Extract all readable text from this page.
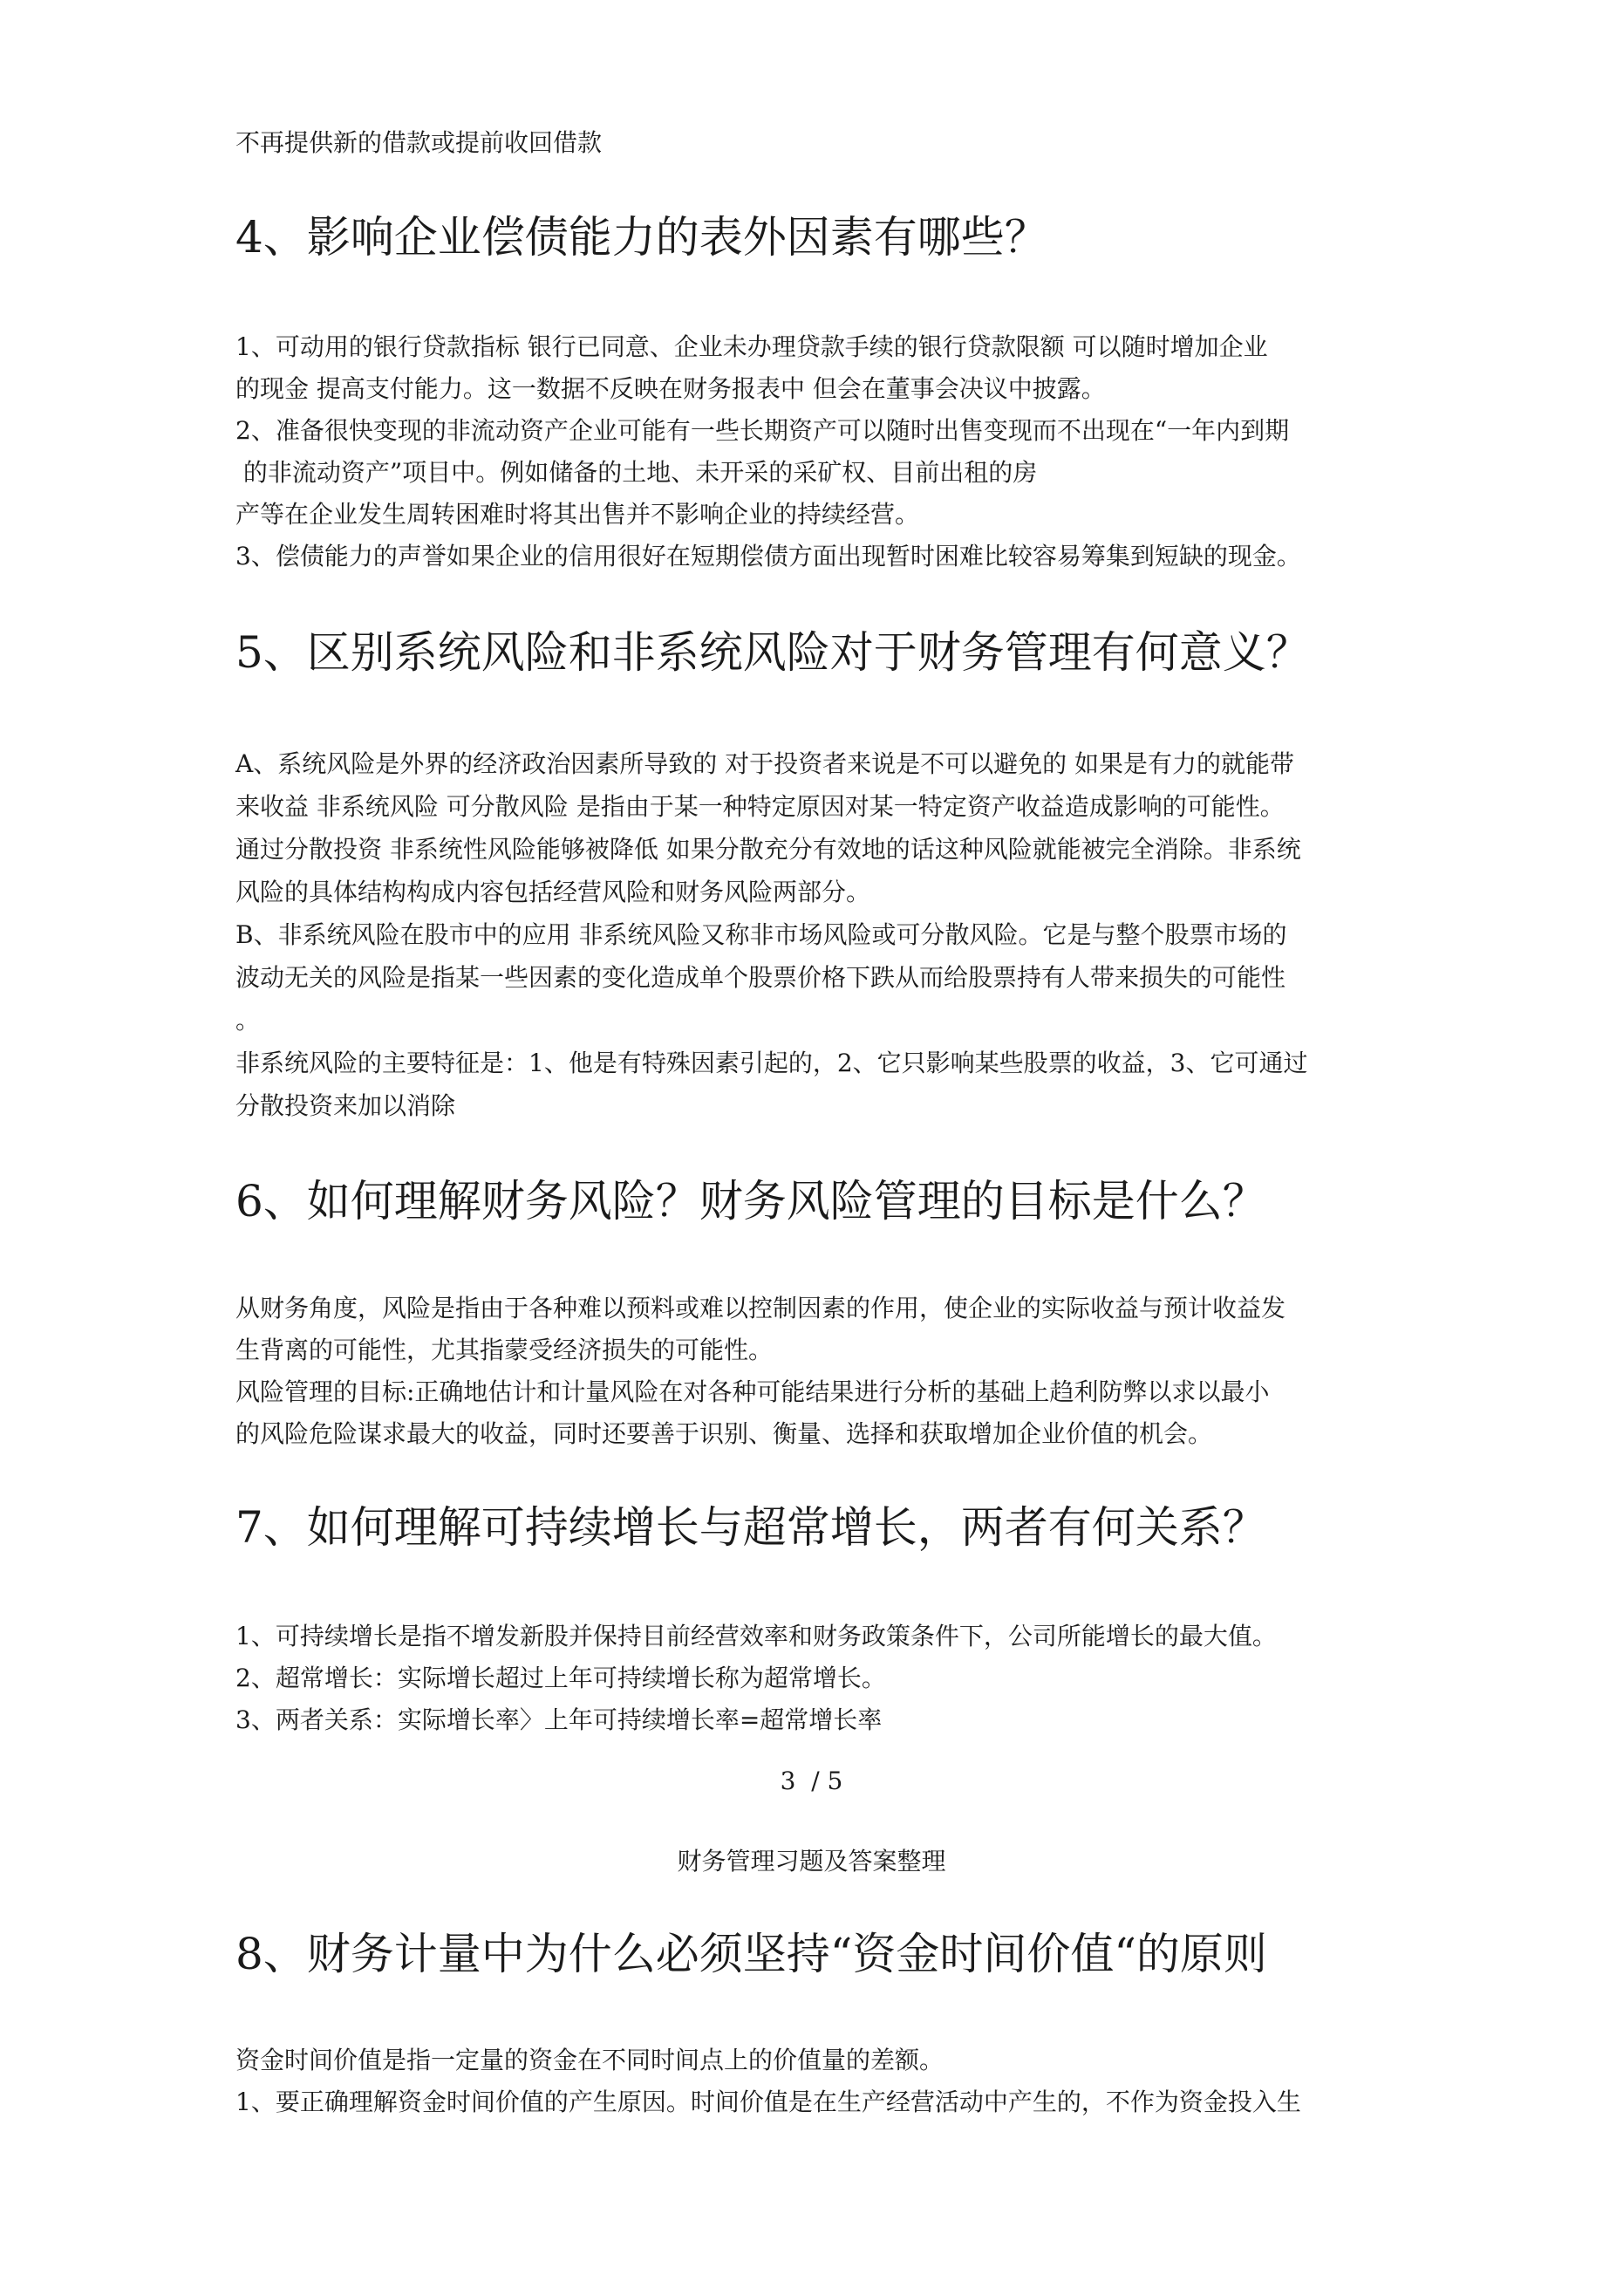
不再提供新的借款或提前收回借款
4、影响企业偿债能力的表外因素有哪些？
1、可动用的银行贷款指标 银行已同意、企业未办理贷款手续的银行贷款限额 可以随时增加企业
的现金 提高支付能力。这一数据不反映在财务报表中 但会在董事会决议中披露。
2、准备很快变现的非流动资产企业可能有一些长期资产可以随时出售变现而不出现在“一年内到期
的非流动资产”项目中。例如储备的土地、未开采的采矿权、目前出租的房
产等在企业发生周转困难时将其出售并不影响企业的持续经营。
3、偿债能力的声誉如果企业的信用很好在短期偿债方面出现暂时困难比较容易筹集到短缺的现金。
5、区别系统风险和非系统风险对于财务管理有何意义？
A、系统风险是外界的经济政治因素所导致的 对于投资者来说是不可以避免的 如果是有力的就能带
来收益 非系统风险 可分散风险 是指由于某一种特定原因对某一特定资产收益造成影响的可能性。
通过分散投资 非系统性风险能够被降低 如果分散充分有效地的话这种风险就能被完全消除。非系统
风险的具体结构构成内容包括经营风险和财务风险两部分。
B、非系统风险在股市中的应用 非系统风险又称非市场风险或可分散风险。它是与整个股票市场的
波动无关的风险是指某一些因素的变化造成单个股票价格下跌从而给股票持有人带来损失的可能性
。
非系统风险的主要特征是：1、他是有特殊因素引起的，2、它只影响某些股票的收益，3、它可通过
分散投资来加以消除
6、如何理解财务风险？财务风险管理的目标是什么？
从财务角度，风险是指由于各种难以预料或难以控制因素的作用，使企业的实际收益与预计收益发
生背离的可能性，尤其指蒙受经济损失的可能性。
风险管理的目标:正确地估计和计量风险在对各种可能结果进行分析的基础上趋利防弊以求以最小
的风险危险谋求最大的收益，同时还要善于识别、衡量、选择和获取增加企业价值的机会。
7、如何理解可持续增长与超常增长，两者有何关系？
1、可持续增长是指不增发新股并保持目前经营效率和财务政策条件下，公司所能增长的最大值。
2、超常增长：实际增长超过上年可持续增长称为超常增长。
3、两者关系：实际增长率〉上年可持续增长率=超常增长率
3  / 5
财务管理习题及答案整理
8、财务计量中为什么必须坚持“资金时间价值“的原则
资金时间价值是指一定量的资金在不同时间点上的价值量的差额。
1、要正确理解资金时间价值的产生原因。时间价值是在生产经营活动中产生的，不作为资金投入生
